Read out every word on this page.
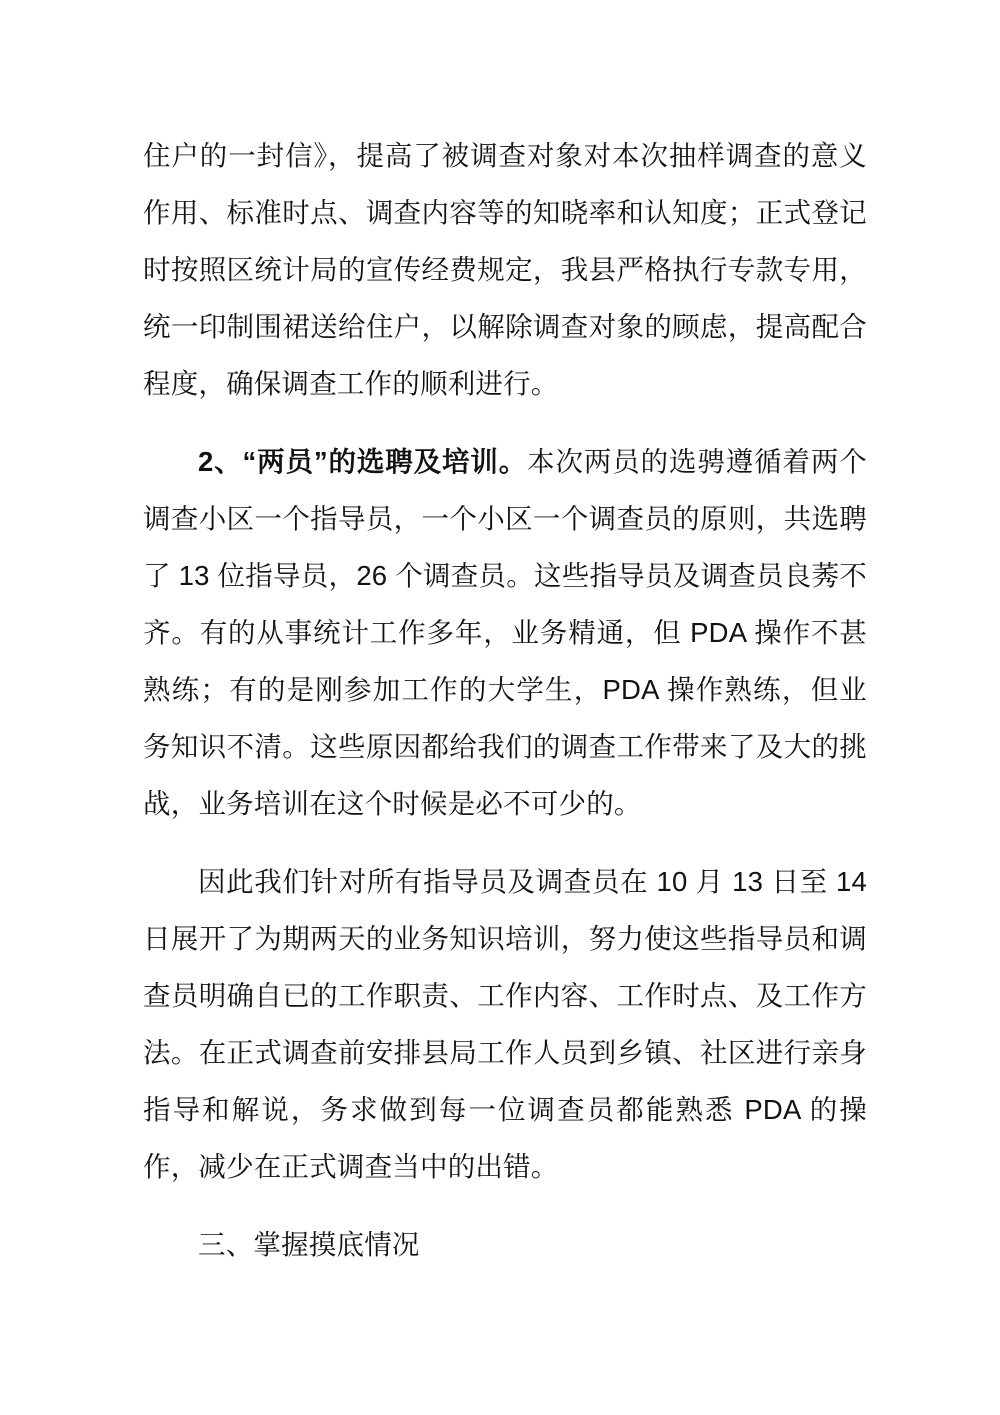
住户的一封信》，提高了被调查对象对本次抽样调查的意义作用、标准时点、调查内容等的知晓率和认知度；正式登记时按照区统计局的宣传经费规定，我县严格执行专款专用，统一印制围裙送给住户，以解除调查对象的顾虑，提高配合程度，确保调查工作的顺利进行。

2、“两员”的选聘及培训。本次两员的选骋遵循着两个调查小区一个指导员，一个小区一个调查员的原则，共选聘了 13 位指导员，26 个调查员。这些指导员及调查员良莠不齐。有的从事统计工作多年，业务精通，但 PDA 操作不甚熟练；有的是刚参加工作的大学生，PDA 操作熟练，但业务知识不清。这些原因都给我们的调查工作带来了及大的挑战，业务培训在这个时候是必不可少的。

因此我们针对所有指导员及调查员在 10 月 13 日至 14 日展开了为期两天的业务知识培训，努力使这些指导员和调查员明确自已的工作职责、工作内容、工作时点、及工作方法。在正式调查前安排县局工作人员到乡镇、社区进行亲身指导和解说，务求做到每一位调查员都能熟悉 PDA 的操作，减少在正式调查当中的出错。

三、掌握摸底情况
